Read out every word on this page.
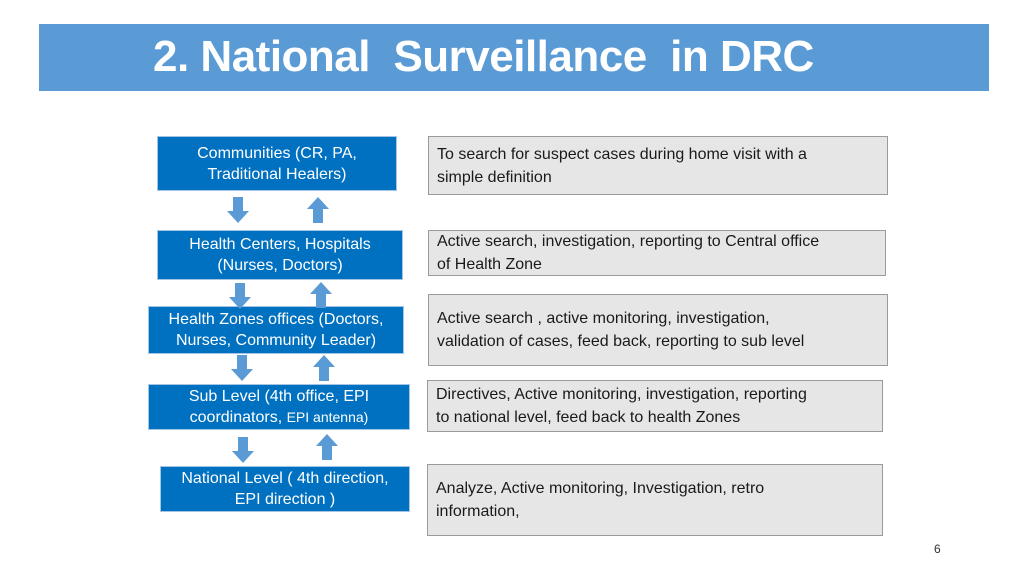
2. National  Surveillance  in DRC
Communities (CR, PA,
Traditional Healers)
Health Centers, Hospitals
(Nurses, Doctors)
Health Zones offices (Doctors,
Nurses, Community Leader)
Sub Level (4th office, EPI
coordinators, EPI antenna)
National Level ( 4th direction,
EPI direction )
To search for suspect cases during home visit with a
simple definition
Active search, investigation, reporting to Central office
of Health Zone
Active search , active monitoring, investigation,
validation of cases, feed back, reporting to sub level
Directives, Active monitoring, investigation, reporting
to national level, feed back to health Zones
Analyze, Active monitoring, Investigation, retro
information,
6
